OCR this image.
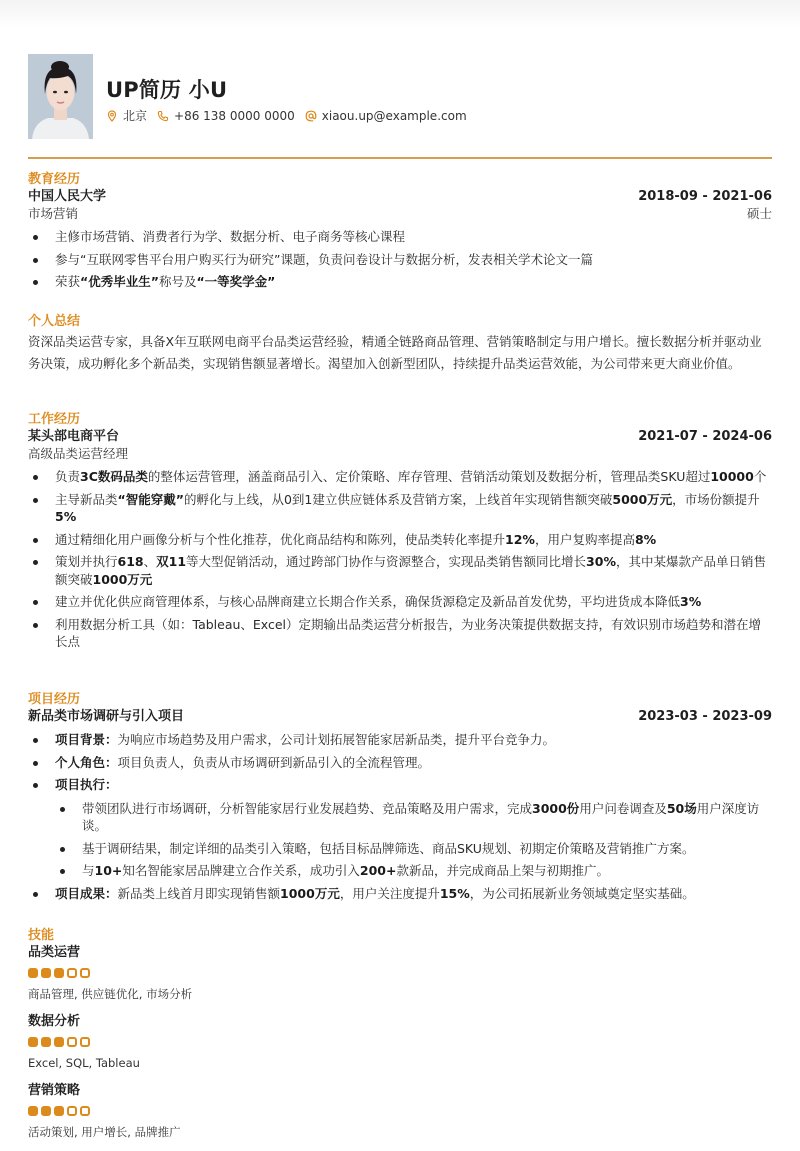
UP简历 小U
北京 +86 138 0000 0000 xiaou.up@example.com
教育经历
中国人民大学	2018-09 - 2021-06
市场营销	硕士
主修市场营销、消费者行为学、数据分析、电子商务等核心课程
参与“互联网零售平台用户购买行为研究”课题，负责问卷设计与数据分析，发表相关学术论文一篇
荣获“优秀毕业生”称号及“一等奖学金”
个人总结
资深品类运营专家，具备X年互联网电商平台品类运营经验，精通全链路商品管理、营销策略制定与用户增长。擅长数据分析并驱动业务决策，成功孵化多个新品类，实现销售额显著增长。渴望加入创新型团队，持续提升品类运营效能，为公司带来更大商业价值。
工作经历
某头部电商平台	2021-07 - 2024-06
高级品类运营经理
负责3C数码品类的整体运营管理，涵盖商品引入、定价策略、库存管理、营销活动策划及数据分析，管理品类SKU超过10000个
主导新品类“智能穿戴”的孵化与上线，从0到1建立供应链体系及营销方案，上线首年实现销售额突破5000万元，市场份额提升5%
通过精细化用户画像分析与个性化推荐，优化商品结构和陈列，使品类转化率提升12%，用户复购率提高8%
策划并执行618、双11等大型促销活动，通过跨部门协作与资源整合，实现品类销售额同比增长30%，其中某爆款产品单日销售额突破1000万元
建立并优化供应商管理体系，与核心品牌商建立长期合作关系，确保货源稳定及新品首发优势，平均进货成本降低3%
利用数据分析工具（如：Tableau、Excel）定期输出品类运营分析报告，为业务决策提供数据支持，有效识别市场趋势和潜在增长点
项目经历
新品类市场调研与引入项目	2023-03 - 2023-09
项目背景：为响应市场趋势及用户需求，公司计划拓展智能家居新品类，提升平台竞争力。
个人角色：项目负责人，负责从市场调研到新品引入的全流程管理。
项目执行：
带领团队进行市场调研，分析智能家居行业发展趋势、竞品策略及用户需求，完成3000份用户问卷调查及50场用户深度访谈。
基于调研结果，制定详细的品类引入策略，包括目标品牌筛选、商品SKU规划、初期定价策略及营销推广方案。
与10+知名智能家居品牌建立合作关系，成功引入200+款新品，并完成商品上架与初期推广。
项目成果：新品类上线首月即实现销售额1000万元，用户关注度提升15%，为公司拓展新业务领域奠定坚实基础。
技能
品类运营
商品管理, 供应链优化, 市场分析
数据分析
Excel, SQL, Tableau
营销策略
活动策划, 用户增长, 品牌推广
